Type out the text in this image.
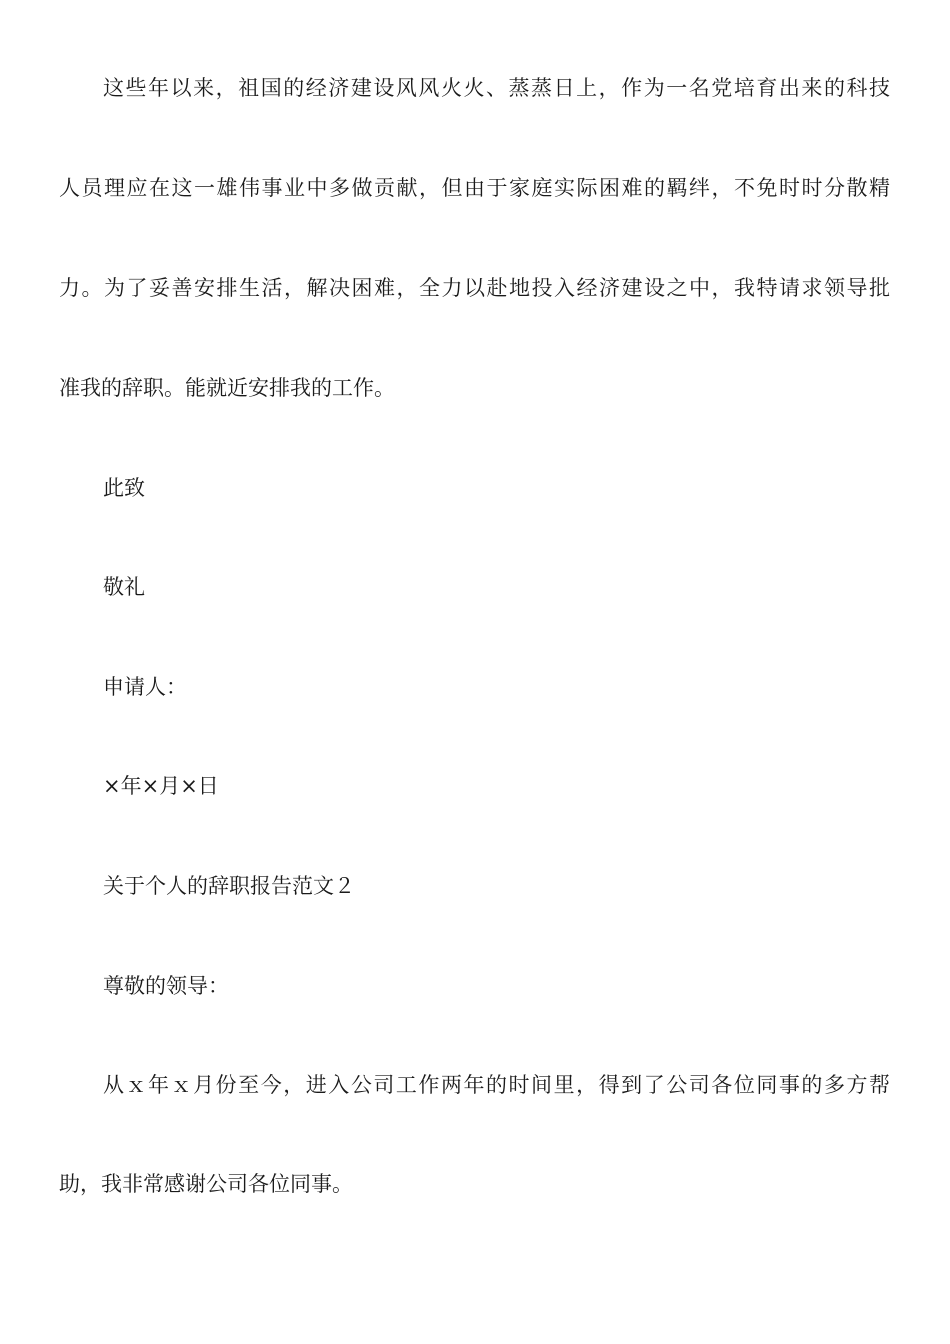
这些年以来，祖国的经济建设风风火火、蒸蒸日上，作为一名党培育出来的科技
人员理应在这一雄伟事业中多做贡献，但由于家庭实际困难的羁绊，不免时时分散精
力。为了妥善安排生活，解决困难，全力以赴地投入经济建设之中，我特请求领导批
准我的辞职。能就近安排我的工作。
此致
敬礼
申请人：
×年×月×日
关于个人的辞职报告范文２
尊敬的领导：
从ｘ年ｘ月份至今，进入公司工作两年的时间里，得到了公司各位同事的多方帮
助，我非常感谢公司各位同事。
